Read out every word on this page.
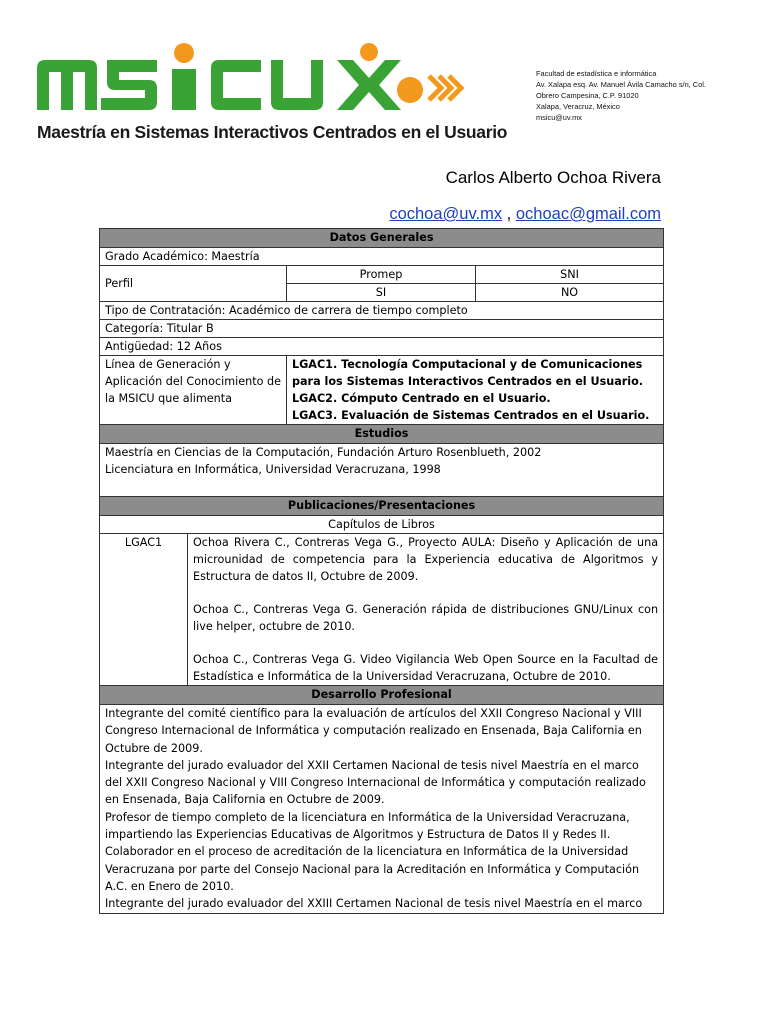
Maestría en Sistemas Interactivos Centrados en el Usuario
Facultad de estadística e informática
Av. Xalapa esq. Av. Manuel Ávila Camacho s/n, Col.
Obrero Campesina, C.P. 91020
Xalapa, Veracruz, México
msicu@uv.mx
Carlos Alberto Ochoa Rivera
cochoa@uv.mx , ochoac@gmail.com
Datos Generales			
Grado Académico: Maestría			
Perfil		Promep	SNI
		SI	NO
Tipo de Contratación: Académico de carrera de tiempo completo			
Categoría: Titular B			
Antigüedad: 12 Años			
Línea de Generación y Aplicación del Conocimiento de la MSICU que alimenta		LGAC1. Tecnología Computacional y de Comunicaciones para los Sistemas Interactivos Centrados en el Usuario.
LGAC2. Cómputo Centrado en el Usuario.
LGAC3. Evaluación de Sistemas Centrados en el Usuario.	

Estudios			

Maestría en Ciencias de la Computación, Fundación Arturo Rosenblueth, 2002
Licenciatura en Informática, Universidad Veracruzana, 1998			

Publicaciones/Presentaciones			
Capítulos de Libros			
LGAC1	Ochoa Rivera C., Contreras Vega G., Proyecto AULA: Diseño y Aplicación de una microunidad de competencia para la Experiencia educativa de Algoritmos y Estructura de datos II, Octubre de 2009.

Ochoa C., Contreras Vega G. Generación rápida de distribuciones GNU/Linux con live helper, octubre de 2010.

Ochoa C., Contreras Vega G. Video Vigilancia Web Open Source en la Facultad de Estadística e Informática de la Universidad Veracruzana, Octubre de 2010.		

Desarrollo Profesional			

Integrante del comité científico para la evaluación de artículos del XXII Congreso Nacional y VIII Congreso Internacional de Informática y computación realizado en Ensenada, Baja California en Octubre de 2009.
Integrante del jurado evaluador del XXII Certamen Nacional de tesis nivel Maestría en el marco del XXII Congreso Nacional y VIII Congreso Internacional de Informática y computación realizado en Ensenada, Baja California en Octubre de 2009.
Profesor de tiempo completo de la licenciatura en Informática de la Universidad Veracruzana, impartiendo las Experiencias Educativas de Algoritmos y Estructura de Datos II y Redes II.
Colaborador en el proceso de acreditación de la licenciatura en Informática de la Universidad Veracruzana por parte del Consejo Nacional para la Acreditación en Informática y Computación A.C. en Enero de 2010.
Integrante del jurado evaluador del XXIII Certamen Nacional de tesis nivel Maestría en el marco			
